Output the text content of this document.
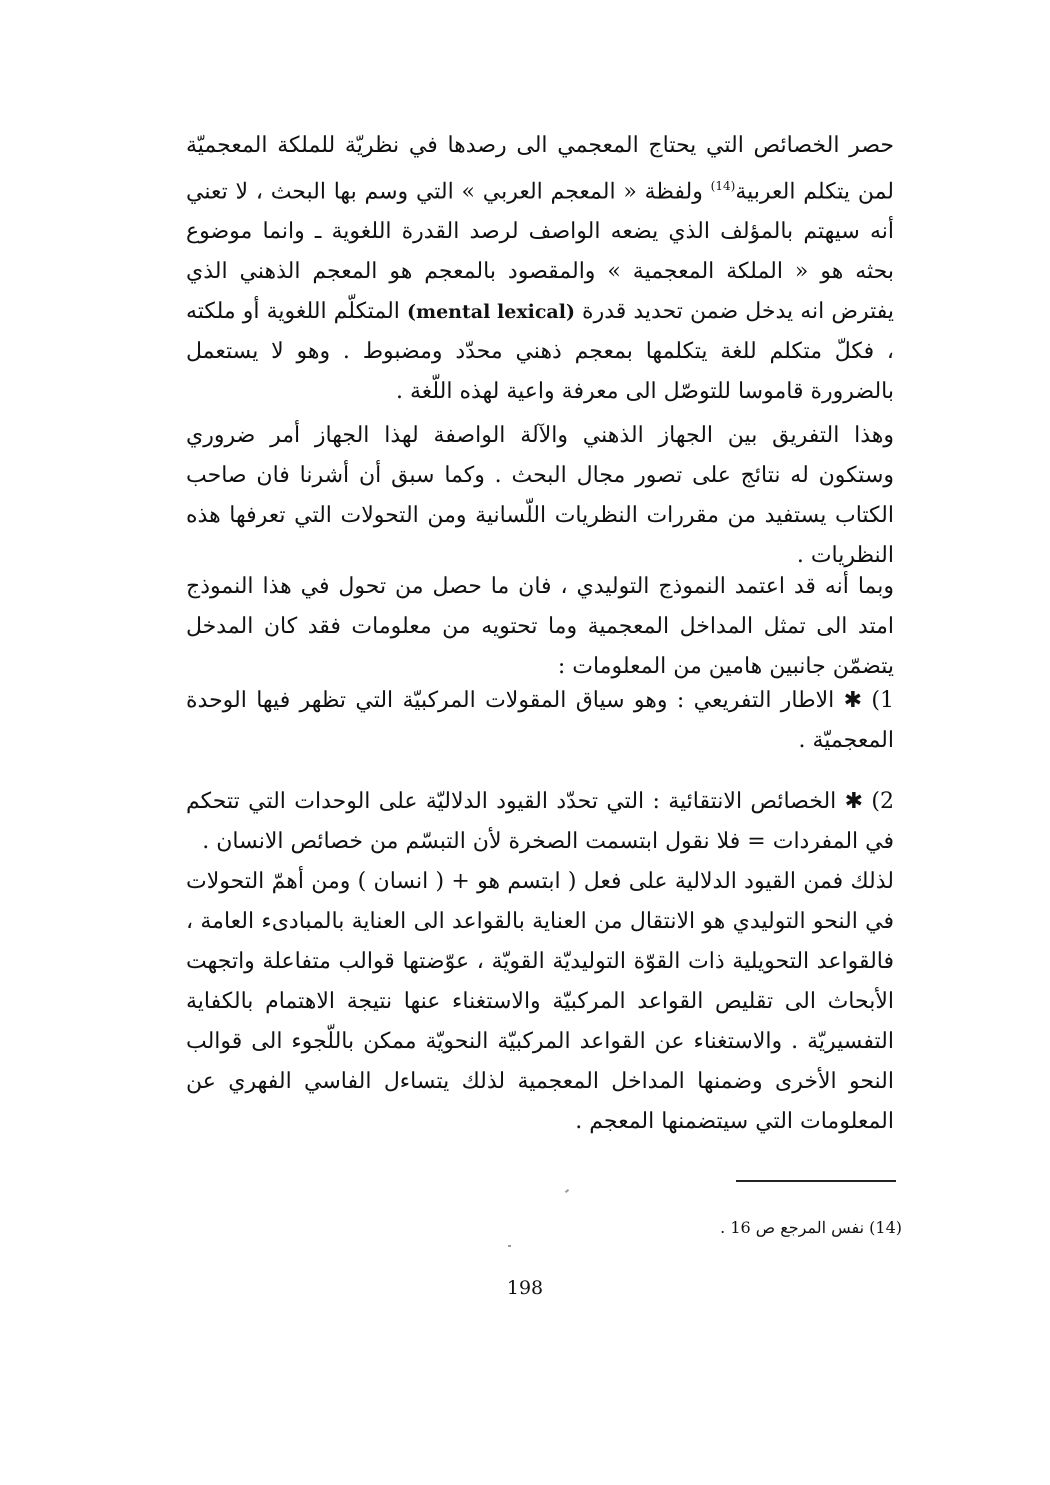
حصر الخصائص التي يحتاج المعجمي الى رصدها في نظريّة للملكة المعجميّة لمن يتكلم العربية$^{(14)}$ ولفظة « المعجم العربي » التي وسم بها البحث ، لا تعني أنه سيهتم بالمؤلف الذي يضعه الواصف لرصد القدرة اللغوية ـ وانما موضوع بحثه هو « الملكة المعجمية » والمقصود بالمعجم هو المعجم الذهني الذي يفترض انه يدخل ضمن تحديد قدرة (mental lexical) المتكلّم اللغوية أو ملكته ، فكلّ متكلم للغة يتكلمها بمعجم ذهني محدّد ومضبوط . وهو لا يستعمل بالضرورة قاموسا للتوصّل الى معرفة واعية لهذه اللّغة .

وهذا التفريق بين الجهاز الذهني والآلة الواصفة لهذا الجهاز أمر ضروري وستكون له نتائج على تصور مجال البحث . وكما سبق أن أشرنا فان صاحب الكتاب يستفيد من مقررات النظريات اللّسانية ومن التحولات التي تعرفها هذه النظريات .

وبما أنه قد اعتمد النموذج التوليدي ، فان ما حصل من تحول في هذا النموذج امتد الى تمثل المداخل المعجمية وما تحتويه من معلومات فقد كان المدخل يتضمّن جانبين هامين من المعلومات :

1) ✱ الاطار التفريعي : وهو سياق المقولات المركبيّة التي تظهر فيها الوحدة المعجميّة .

2) ✱ الخصائص الانتقائية : التي تحدّد القيود الدلاليّة على الوحدات التي تتحكم في المفردات = فلا نقول ابتسمت الصخرة لأن التبسّم من خصائص الانسان .

لذلك فمن القيود الدلالية على فعل ( ابتسم هو + ( انسان ) ومن أهمّ التحولات في النحو التوليدي هو الانتقال من العناية بالقواعد الى العناية بالمبادىء العامة ، فالقواعد التحويلية ذات القوّة التوليديّة القويّة ، عوّضتها قوالب متفاعلة واتجهت الأبحاث الى تقليص القواعد المركبيّة والاستغناء عنها نتيجة الاهتمام بالكفاية التفسيريّة . والاستغناء عن القواعد المركبيّة النحويّة ممكن باللّجوء الى قوالب النحو الأخرى وضمنها المداخل المعجمية لذلك يتساءل الفاسي الفهري عن المعلومات التي سيتضمنها المعجم .

(14) نفس المرجع ص 16 .
198
